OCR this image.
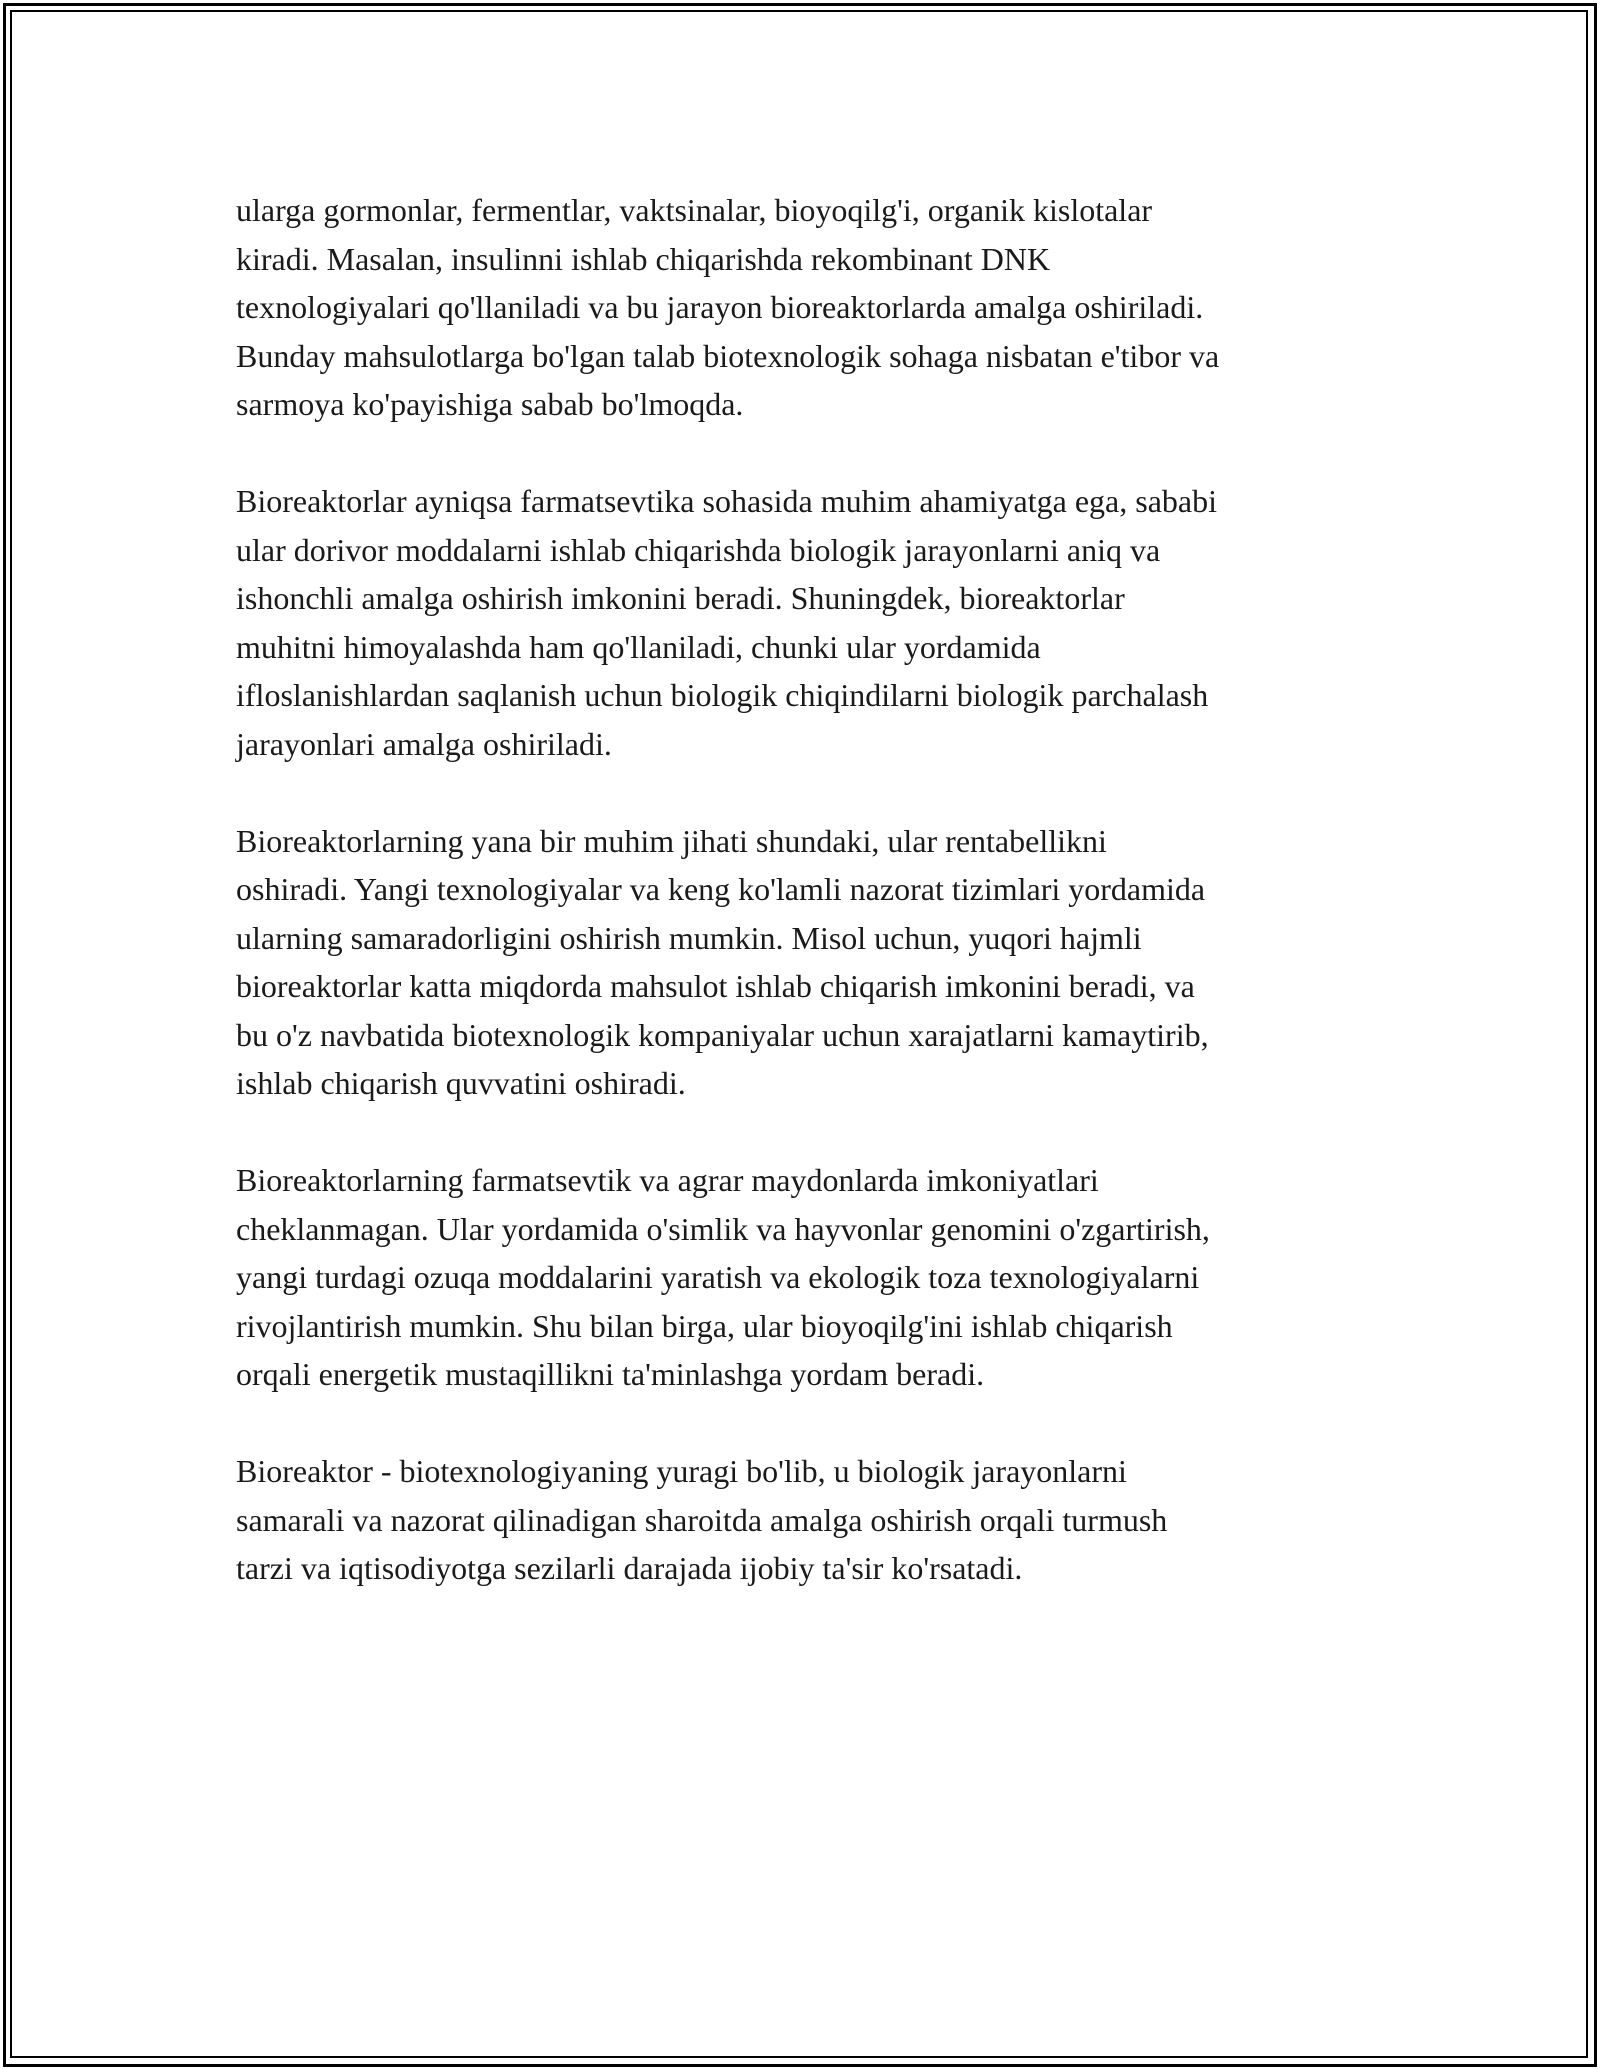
ularga gormonlar, fermentlar, vaktsinalar, bioyoqilg'i, organik kislotalar
kiradi. Masalan, insulinni ishlab chiqarishda rekombinant DNK
texnologiyalari qo'llaniladi va bu jarayon bioreaktorlarda amalga oshiriladi.
Bunday mahsulotlarga bo'lgan talab biotexnologik sohaga nisbatan e'tibor va
sarmoya ko'payishiga sabab bo'lmoqda.

Bioreaktorlar ayniqsa farmatsevtika sohasida muhim ahamiyatga ega, sababi
ular dorivor moddalarni ishlab chiqarishda biologik jarayonlarni aniq va
ishonchli amalga oshirish imkonini beradi. Shuningdek, bioreaktorlar
muhitni himoyalashda ham qo'llaniladi, chunki ular yordamida
ifloslanishlardan saqlanish uchun biologik chiqindilarni biologik parchalash
jarayonlari amalga oshiriladi.

Bioreaktorlarning yana bir muhim jihati shundaki, ular rentabellikni
oshiradi. Yangi texnologiyalar va keng ko'lamli nazorat tizimlari yordamida
ularning samaradorligini oshirish mumkin. Misol uchun, yuqori hajmli
bioreaktorlar katta miqdorda mahsulot ishlab chiqarish imkonini beradi, va
bu o'z navbatida biotexnologik kompaniyalar uchun xarajatlarni kamaytirib,
ishlab chiqarish quvvatini oshiradi.

Bioreaktorlarning farmatsevtik va agrar maydonlarda imkoniyatlari
cheklanmagan. Ular yordamida o'simlik va hayvonlar genomini o'zgartirish,
yangi turdagi ozuqa moddalarini yaratish va ekologik toza texnologiyalarni
rivojlantirish mumkin. Shu bilan birga, ular bioyoqilg'ini ishlab chiqarish
orqali energetik mustaqillikni ta'minlashga yordam beradi.

Bioreaktor - biotexnologiyaning yuragi bo'lib, u biologik jarayonlarni
samarali va nazorat qilinadigan sharoitda amalga oshirish orqali turmush
tarzi va iqtisodiyotga sezilarli darajada ijobiy ta'sir ko'rsatadi.
